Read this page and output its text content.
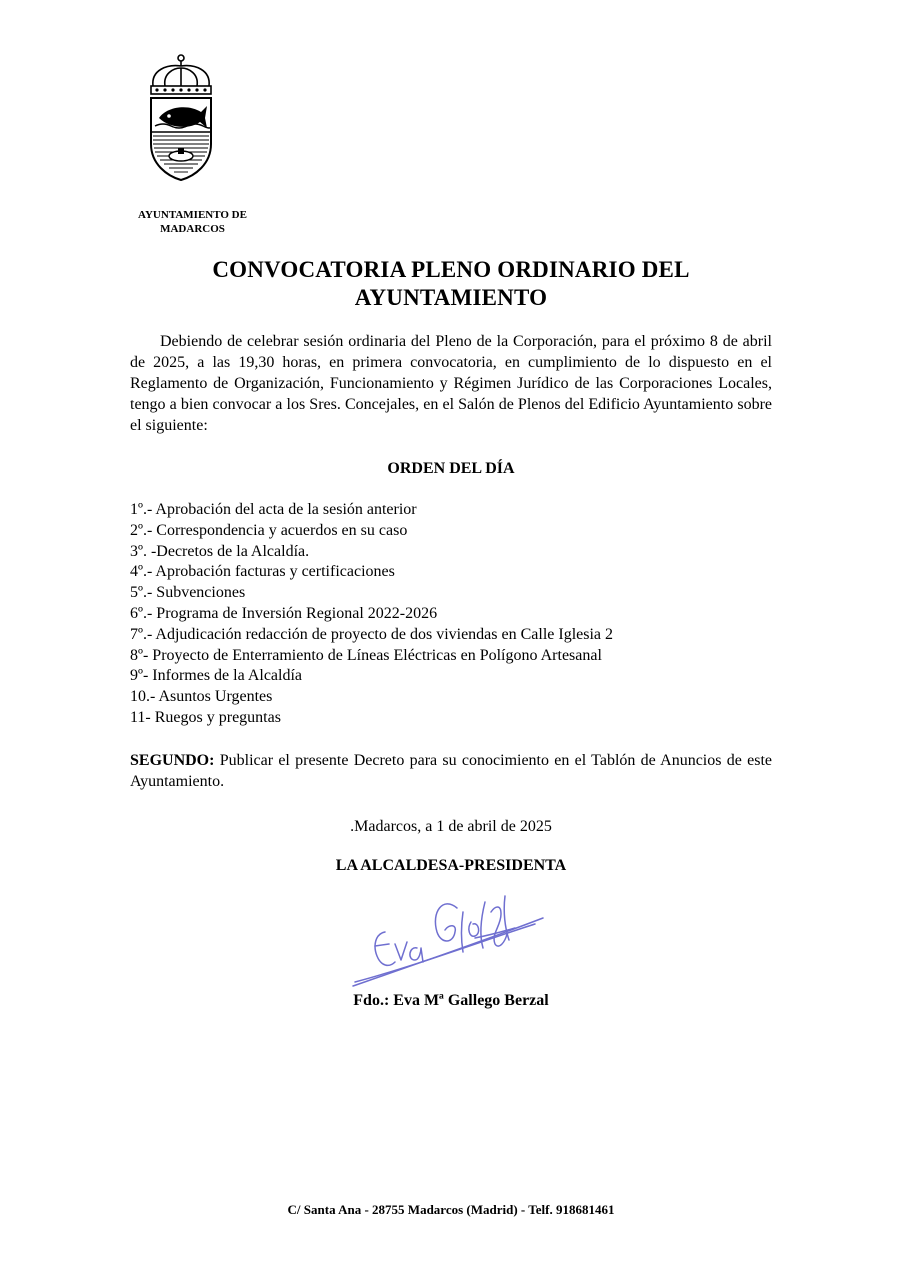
AYUNTAMIENTO DE
MADARCOS
CONVOCATORIA PLENO ORDINARIO DEL
AYUNTAMIENTO
Debiendo de celebrar sesión ordinaria del Pleno de la Corporación, para el próximo 8 de abril de 2025, a las 19,30 horas, en primera convocatoria, en cumplimiento de lo dispuesto en el Reglamento de Organización, Funcionamiento y Régimen Jurídico de las Corporaciones Locales, tengo a bien convocar a los Sres. Concejales, en el Salón de Plenos del Edificio Ayuntamiento sobre el siguiente:
ORDEN DEL DÍA
1º.- Aprobación del acta de la sesión anterior
2º.- Correspondencia y acuerdos en su caso
3º. -Decretos de la Alcaldía.
4º.- Aprobación facturas y certificaciones
5º.- Subvenciones
6º.- Programa de Inversión Regional 2022-2026
7º.- Adjudicación redacción de proyecto de dos viviendas en Calle Iglesia 2
8º- Proyecto de Enterramiento de Líneas Eléctricas en Polígono Artesanal
9º- Informes de la Alcaldía
10.- Asuntos Urgentes
11- Ruegos y preguntas
SEGUNDO: Publicar el presente Decreto para su conocimiento en el Tablón de Anuncios de este Ayuntamiento.
.Madarcos, a 1 de abril de 2025
LA ALCALDESA-PRESIDENTA
Fdo.: Eva Mª Gallego Berzal
C/ Santa Ana - 28755 Madarcos (Madrid) - Telf. 918681461
